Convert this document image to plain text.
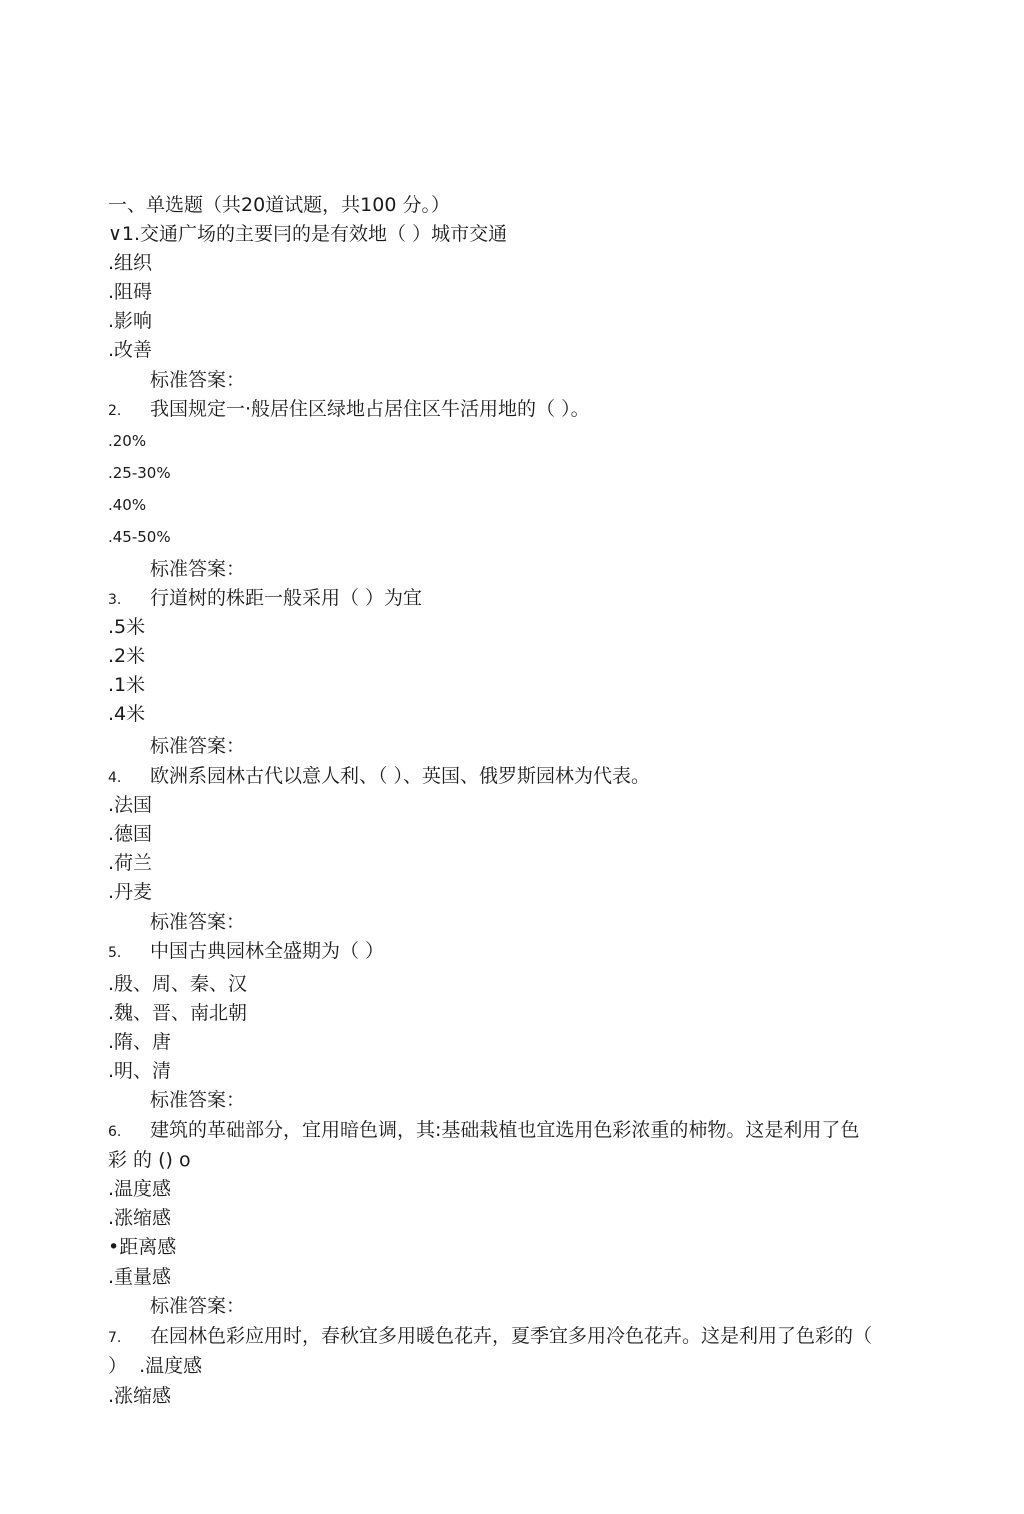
一、单选题（共20道试题，共100 分。）
∨1.交通广场的主要冃的是有效地（ ）城市交通
.组织
.阻碍
.影响
.改善
标准答案：
2. 我国规定一·般居住区绿地占居住区牛活用地的（ ）。
.20%
.25-30%
.40%
.45-50%
标准答案：
3. 行道树的株距一般采用（ ）为宜
.5米
.2米
.1米
.4米
标准答案：
4. 欧洲系园林古代以意人利、（ ）、英国、俄罗斯园林为代表。
.法国
.德国
.荷兰
.丹麦
标准答案：
5. 中国古典园林全盛期为（ ）
.殷、周、秦、汉
.魏、晋、南北朝
.隋、唐
.明、清
标准答案：
6. 建筑的革础部分，宜用暗色调，其:基础栽植也宜选用色彩浓重的柿物。这是利用了色
彩 的 () ο
.温度感
.涨缩感
•距离感
.重量感
标准答案：
7. 在园林色彩应用时，春秋宜多用暖色花卉，夏季宜多用冷色花卉。这是利用了色彩的（
） .温度感
.涨缩感
